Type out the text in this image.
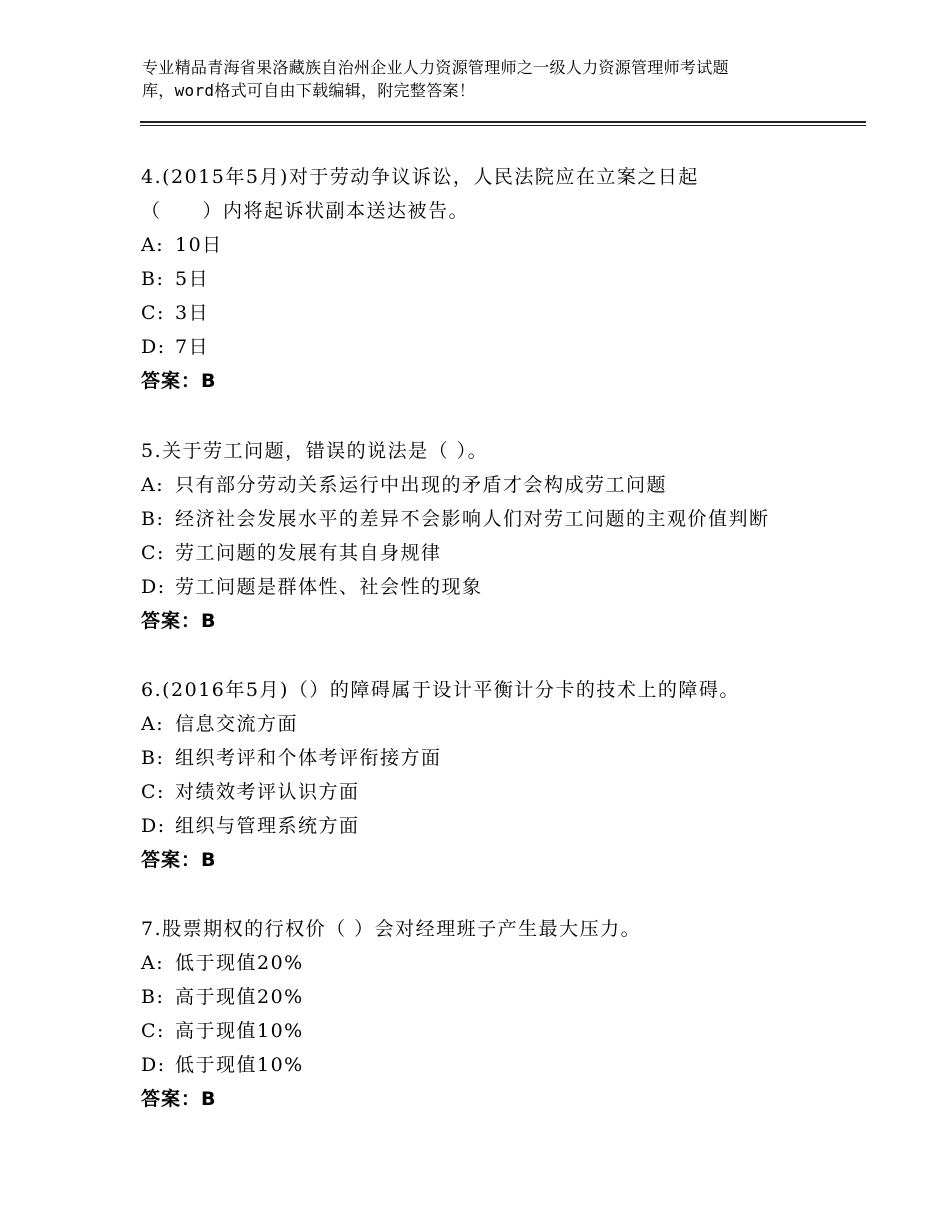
专业精品青海省果洛藏族自治州企业人力资源管理师之一级人力资源管理师考试题
库，word格式可自由下载编辑，附完整答案！
4.(2015年5月)对于劳动争议诉讼，人民法院应在立案之日起
（　　）内将起诉状副本送达被告。
A: 10日
B: 5日
C: 3日
D: 7日
答案：B
5.关于劳工问题，错误的说法是（ ）。
A: 只有部分劳动关系运行中出现的矛盾才会构成劳工问题
B: 经济社会发展水平的差异不会影响人们对劳工问题的主观价值判断
C: 劳工问题的发展有其自身规律
D: 劳工问题是群体性、社会性的现象
答案：B
6.(2016年5月)（）的障碍属于设计平衡计分卡的技术上的障碍。
A: 信息交流方面
B: 组织考评和个体考评衔接方面
C: 对绩效考评认识方面
D: 组织与管理系统方面
答案：B
7.股票期权的行权价（ ）会对经理班子产生最大压力。
A: 低于现值20%
B: 高于现值20%
C: 高于现值10%
D: 低于现值10%
答案：B
